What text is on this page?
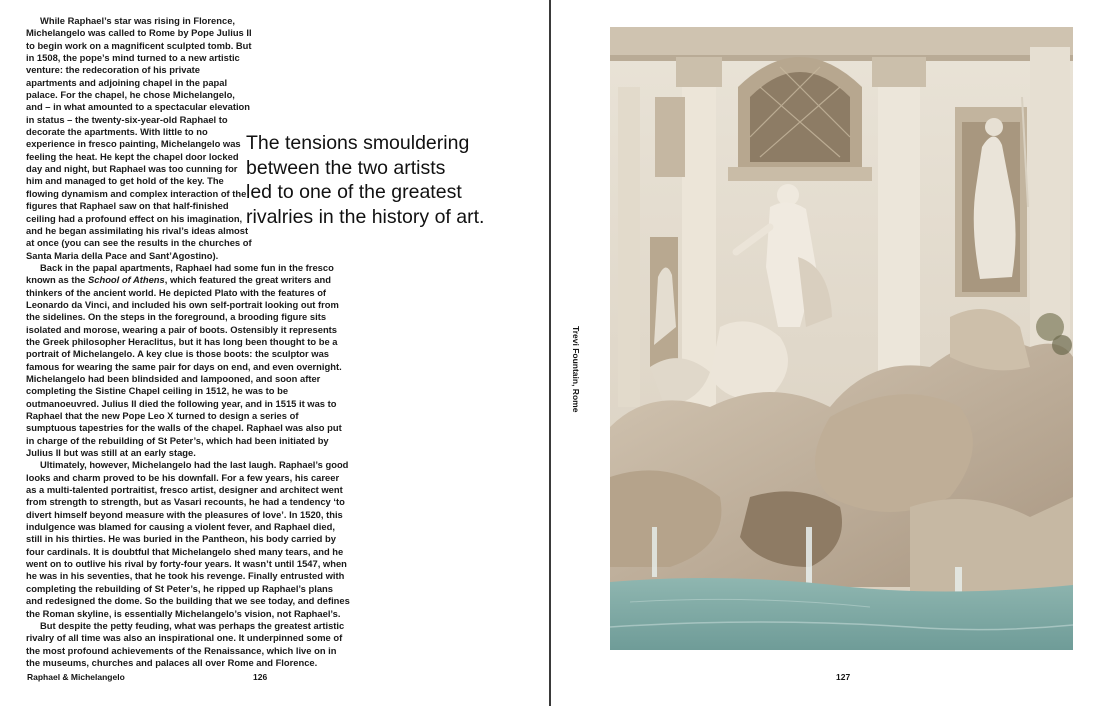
While Raphael’s star was rising in Florence, Michelangelo was called to Rome by Pope Julius II to begin work on a magnificent sculpted tomb. But in 1508, the pope’s mind turned to a new artistic venture: the redecoration of his private apartments and adjoining chapel in the papal palace. For the chapel, he chose Michelangelo, and – in what amounted to a spectacular elevation in status – the twenty-six-year-old Raphael to decorate the apartments. With little to no experience in fresco painting, Michelangelo was feeling the heat. He kept the chapel door locked day and night, but Raphael was too cunning for him and managed to get hold of the key. The flowing dynamism and complex interaction of the figures that Raphael saw on that half-finished ceiling had a profound effect on his imagination, and he began assimilating his rival’s ideas almost at once (you can see the results in the churches of Santa Maria della Pace and Sant’Agostino).

Back in the papal apartments, Raphael had some fun in the fresco known as the School of Athens, which featured the great writers and thinkers of the ancient world. He depicted Plato with the features of Leonardo da Vinci, and included his own self-portrait looking out from the sidelines. On the steps in the foreground, a brooding figure sits isolated and morose, wearing a pair of boots. Ostensibly it represents the Greek philosopher Heraclitus, but it has long been thought to be a portrait of Michelangelo. A key clue is those boots: the sculptor was famous for wearing the same pair for days on end, and even overnight. Michelangelo had been blindsided and lampooned, and soon after completing the Sistine Chapel ceiling in 1512, he was to be outmanoeuvred. Julius II died the following year, and in 1515 it was to Raphael that the new Pope Leo X turned to design a series of sumptuous tapestries for the walls of the chapel. Raphael was also put in charge of the rebuilding of St Peter’s, which had been initiated by Julius II but was still at an early stage.

Ultimately, however, Michelangelo had the last laugh. Raphael’s good looks and charm proved to be his downfall. For a few years, his career as a multi-talented portraitist, fresco artist, designer and architect went from strength to strength, but as Vasari recounts, he had a tendency ‘to divert himself beyond measure with the pleasures of love’. In 1520, this indulgence was blamed for causing a violent fever, and Raphael died, still in his thirties. He was buried in the Pantheon, his body carried by four cardinals. It is doubtful that Michelangelo shed many tears, and he went on to outlive his rival by forty-four years. It wasn’t until 1547, when he was in his seventies, that he took his revenge. Finally entrusted with completing the rebuilding of St Peter’s, he ripped up Raphael’s plans and redesigned the dome. So the building that we see today, and defines the Roman skyline, is essentially Michelangelo’s vision, not Raphael’s.

But despite the petty feuding, what was perhaps the greatest artistic rivalry of all time was also an inspirational one. It underpinned some of the most profound achievements of the Renaissance, which live on in the museums, churches and palaces all over Rome and Florence.

The tensions smouldering
between the two artists
led to one of the greatest
rivalries in the history of art.
Raphael & Michelangelo	126
Trevi Fountain, Rome
127
